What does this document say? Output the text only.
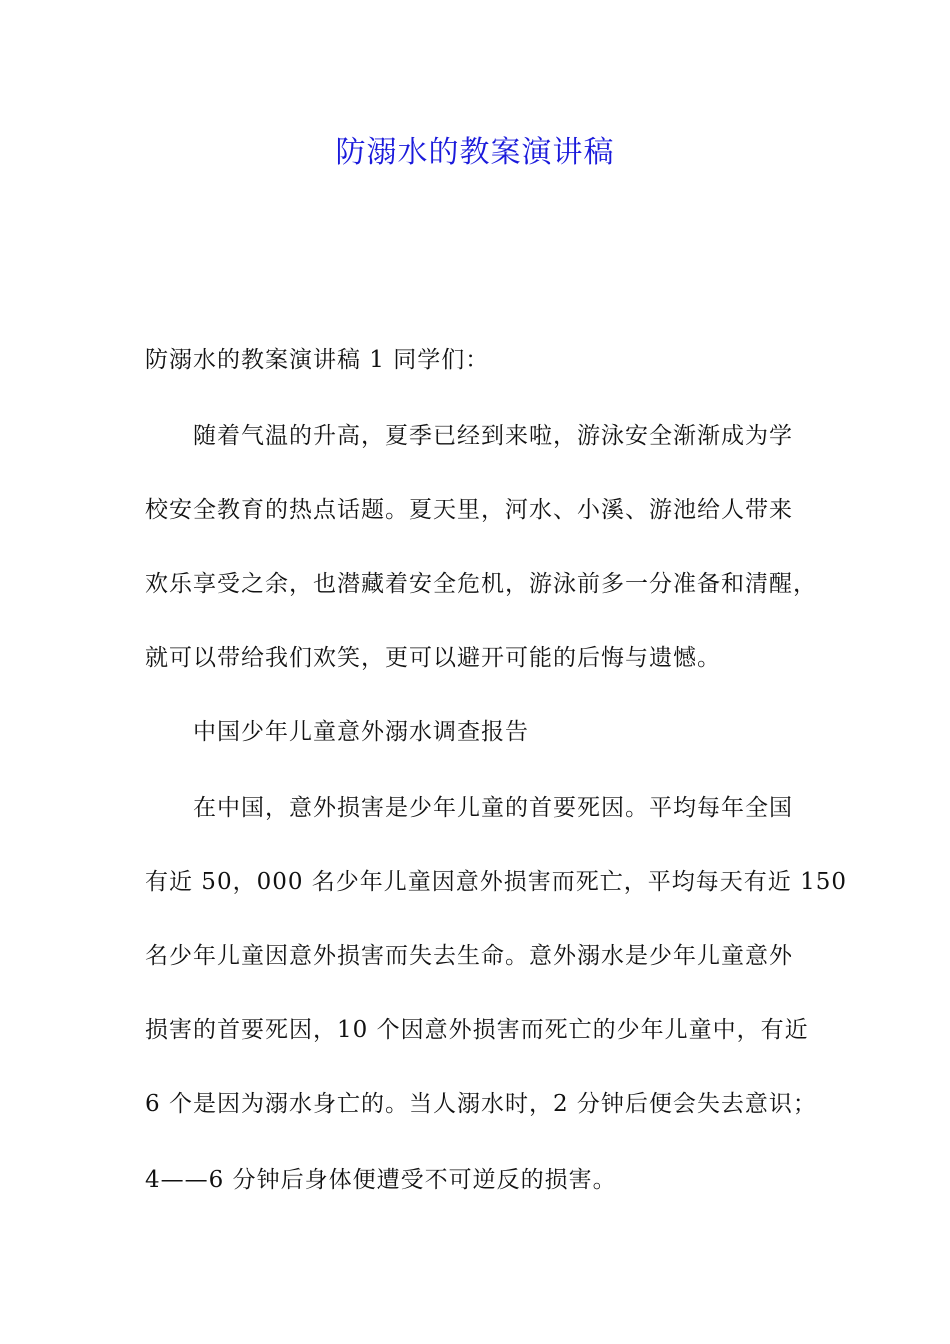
防溺水的教案演讲稿
防溺水的教案演讲稿 1 同学们：
随着气温的升高，夏季已经到来啦，游泳安全渐渐成为学
校安全教育的热点话题。夏天里，河水、小溪、游池给人带来
欢乐享受之余，也潜藏着安全危机，游泳前多一分准备和清醒，
就可以带给我们欢笑，更可以避开可能的后悔与遗憾。
中国少年儿童意外溺水调查报告
在中国，意外损害是少年儿童的首要死因。平均每年全国
有近 50，000 名少年儿童因意外损害而死亡，平均每天有近 150
名少年儿童因意外损害而失去生命。意外溺水是少年儿童意外
损害的首要死因，10 个因意外损害而死亡的少年儿童中，有近
6 个是因为溺水身亡的。当人溺水时，2 分钟后便会失去意识；
4——6 分钟后身体便遭受不可逆反的损害。
